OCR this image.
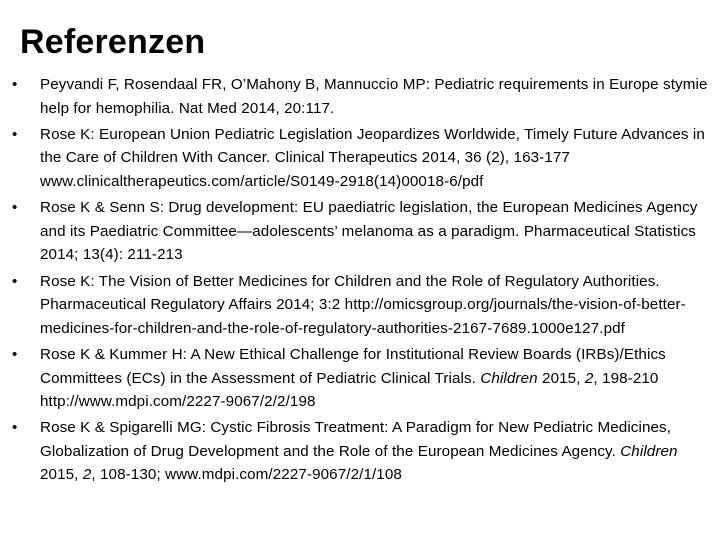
Referenzen
• Peyvandi F, Rosendaal FR, O’Mahony B, Mannuccio MP: Pediatric requirements in Europe stymie help for hemophilia. Nat Med 2014, 20:117.
• Rose K: European Union Pediatric Legislation Jeopardizes Worldwide, Timely Future Advances in the Care of Children With Cancer. Clinical Therapeutics 2014, 36 (2), 163-177 www.clinicaltherapeutics.com/article/S0149-2918(14)00018-6/pdf
• Rose K & Senn S: Drug development: EU paediatric legislation, the European Medicines Agency and its Paediatric Committee—adolescents’ melanoma as a paradigm. Pharmaceutical Statistics 2014; 13(4): 211-213
• Rose K: The Vision of Better Medicines for Children and the Role of Regulatory Authorities. Pharmaceutical Regulatory Affairs 2014; 3:2 http://omicsgroup.org/journals/the-vision-of-better-medicines-for-children-and-the-role-of-regulatory-authorities-2167-7689.1000e127.pdf
• Rose K & Kummer H: A New Ethical Challenge for Institutional Review Boards (IRBs)/Ethics Committees (ECs) in the Assessment of Pediatric Clinical Trials. Children 2015, 2, 198-210 http://www.mdpi.com/2227-9067/2/2/198
• Rose K & Spigarelli MG: Cystic Fibrosis Treatment: A Paradigm for New Pediatric Medicines, Globalization of Drug Development and the Role of the European Medicines Agency. Children 2015, 2, 108-130; www.mdpi.com/2227-9067/2/1/108
